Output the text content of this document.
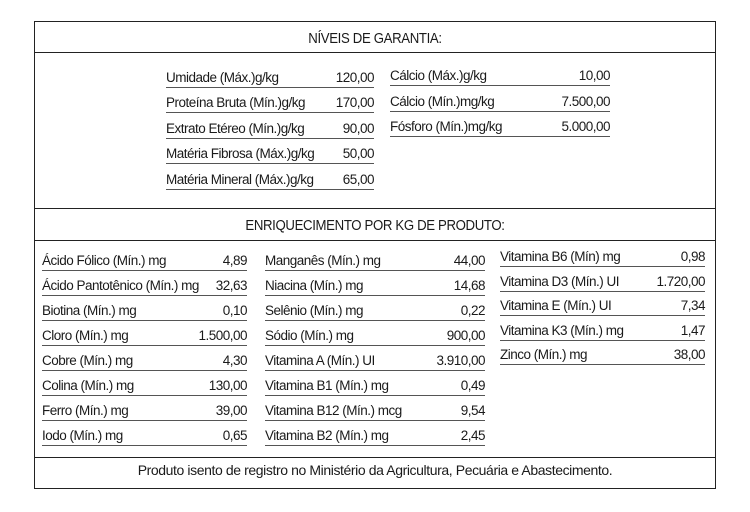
NÍVEIS DE GARANTIA:
Umidade (Máx.)g/kg	120,00
Proteína Bruta (Mín.)g/kg 170,00
Extrato Etéreo (Mín.)g/kg	90,00
Matéria Fibrosa (Máx.)g/kg 50,00
Matéria Mineral (Máx.)g/kg 65,00
Cálcio (Máx.)g/kg	10,00
Cálcio (Mín.)mg/kg	7.500,00
Fósforo (Mín.)mg/kg	5.000,00
ENRIQUECIMENTO POR KG DE PRODUTO:
Ácido Fólico (Mín.) mg	4,89
Ácido Pantotênico (Mín.) mg 32,63
Biotina (Mín.) mg	0,10
Cloro (Mín.) mg	1.500,00
Cobre (Mín.) mg	4,30
Colina (Mín.) mg	130,00
Ferro (Mín.) mg	39,00
Iodo (Mín.) mg	0,65
Manganês (Mín.) mg	44,00
Niacina (Mín.) mg	14,68
Selênio (Mín.) mg	0,22
Sódio (Mín.) mg	900,00
Vitamina A (Mín.) UI	3.910,00
Vitamina B1 (Mín.) mg	0,49
Vitamina B12 (Mín.) mcg	9,54
Vitamina B2 (Mín.) mg	2,45
Vitamina B6 (Mín) mg	0,98
Vitamina D3 (Mín.) UI	1.720,00
Vitamina E (Mín.) UI	7,34
Vitamina K3 (Mín.) mg	1,47
Zinco (Mín.) mg	38,00
Produto isento de registro no Ministério da Agricultura, Pecuária e Abastecimento.
